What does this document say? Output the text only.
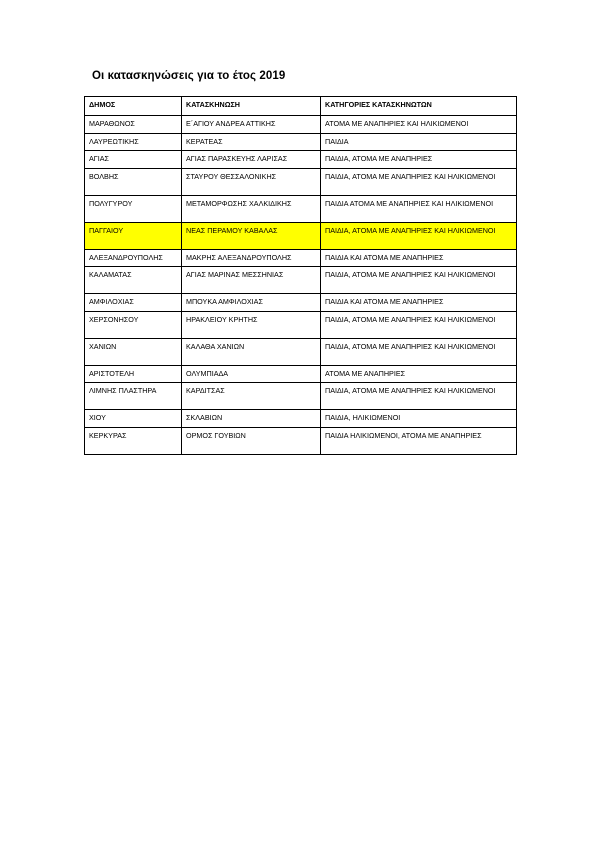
Οι κατασκηνώσεις για το έτος 2019
ΔΗΜΟΣ	ΚΑΤΑΣΚΗΝΩΣΗ	ΚΑΤΗΓΟΡΙΕΣ ΚΑΤΑΣΚΗΝΩΤΩΝ
ΜΑΡΑΘΩΝΟΣ	Ε΄ΑΓΙΟΥ ΑΝΔΡΕΑ ΑΤΤΙΚΗΣ	ΑΤΟΜΑ ΜΕ ΑΝΑΠΗΡΙΕΣ ΚΑΙ ΗΛΙΚΙΩΜΕΝΟΙ
ΛΑΥΡΕΩΤΙΚΗΣ	ΚΕΡΑΤΕΑΣ	ΠΑΙΔΙΑ
ΑΓΙΑΣ	ΑΓΙΑΣ ΠΑΡΑΣΚΕΥΗΣ ΛΑΡΙΣΑΣ	ΠΑΙΔΙΑ, ΑΤΟΜΑ ΜΕ ΑΝΑΠΗΡΙΕΣ
ΒΟΛΒΗΣ	ΣΤΑΥΡΟΥ ΘΕΣΣΑΛΟΝΙΚΗΣ	ΠΑΙΔΙΑ, ΑΤΟΜΑ ΜΕ ΑΝΑΠΗΡΙΕΣ ΚΑΙ ΗΛΙΚΙΩΜΕΝΟΙ
ΠΟΛΥΓΥΡΟΥ	ΜΕΤΑΜΟΡΦΩΣΗΣ ΧΑΛΚΙΔΙΚΗΣ	ΠΑΙΔΙΑ ΑΤΟΜΑ ΜΕ ΑΝΑΠΗΡΙΕΣ ΚΑΙ ΗΛΙΚΙΩΜΕΝΟΙ
ΠΑΓΓΑΙΟΥ	ΝΕΑΣ ΠΕΡΑΜΟΥ ΚΑΒΑΛΑΣ	ΠΑΙΔΙΑ, ΑΤΟΜΑ ΜΕ ΑΝΑΠΗΡΙΕΣ ΚΑΙ ΗΛΙΚΙΩΜΕΝΟΙ
ΑΛΕΞΑΝΔΡΟΥΠΟΛΗΣ	ΜΑΚΡΗΣ ΑΛΕΞΑΝΔΡΟΥΠΟΛΗΣ	ΠΑΙΔΙΑ ΚΑΙ ΑΤΟΜΑ ΜΕ ΑΝΑΠΗΡΙΕΣ
ΚΑΛΑΜΑΤΑΣ	ΑΓΙΑΣ ΜΑΡΙΝΑΣ ΜΕΣΣΗΝΙΑΣ	ΠΑΙΔΙΑ, ΑΤΟΜΑ ΜΕ ΑΝΑΠΗΡΙΕΣ ΚΑΙ ΗΛΙΚΙΩΜΕΝΟΙ
ΑΜΦΙΛΟΧΙΑΣ	ΜΠΟΥΚΑ ΑΜΦΙΛΟΧΙΑΣ	ΠΑΙΔΙΑ ΚΑΙ ΑΤΟΜΑ ΜΕ ΑΝΑΠΗΡΙΕΣ
ΧΕΡΣΟΝΗΣΟΥ	ΗΡΑΚΛΕΙΟΥ ΚΡΗΤΗΣ	ΠΑΙΔΙΑ, ΑΤΟΜΑ ΜΕ ΑΝΑΠΗΡΙΕΣ ΚΑΙ ΗΛΙΚΙΩΜΕΝΟΙ
ΧΑΝΙΩΝ	ΚΑΛΑΘΑ ΧΑΝΙΩΝ	ΠΑΙΔΙΑ, ΑΤΟΜΑ ΜΕ ΑΝΑΠΗΡΙΕΣ ΚΑΙ ΗΛΙΚΙΩΜΕΝΟΙ
ΑΡΙΣΤΟΤΕΛΗ	ΟΛΥΜΠΙΑΔΑ	ΑΤΟΜΑ ΜΕ ΑΝΑΠΗΡΙΕΣ
ΛΙΜΝΗΣ ΠΛΑΣΤΗΡΑ	ΚΑΡΔΙΤΣΑΣ	ΠΑΙΔΙΑ, ΑΤΟΜΑ ΜΕ ΑΝΑΠΗΡΙΕΣ ΚΑΙ ΗΛΙΚΙΩΜΕΝΟΙ
ΧΙΟΥ	ΣΚΛΑΒΙΩΝ	ΠΑΙΔΙΑ, ΗΛΙΚΙΩΜΕΝΟΙ
ΚΕΡΚΥΡΑΣ	ΟΡΜΟΣ ΓΟΥΒΙΩΝ	ΠΑΙΔΙΑ ΗΛΙΚΙΩΜΕΝΟΙ, ΑΤΟΜΑ ΜΕ ΑΝΑΠΗΡΙΕΣ
